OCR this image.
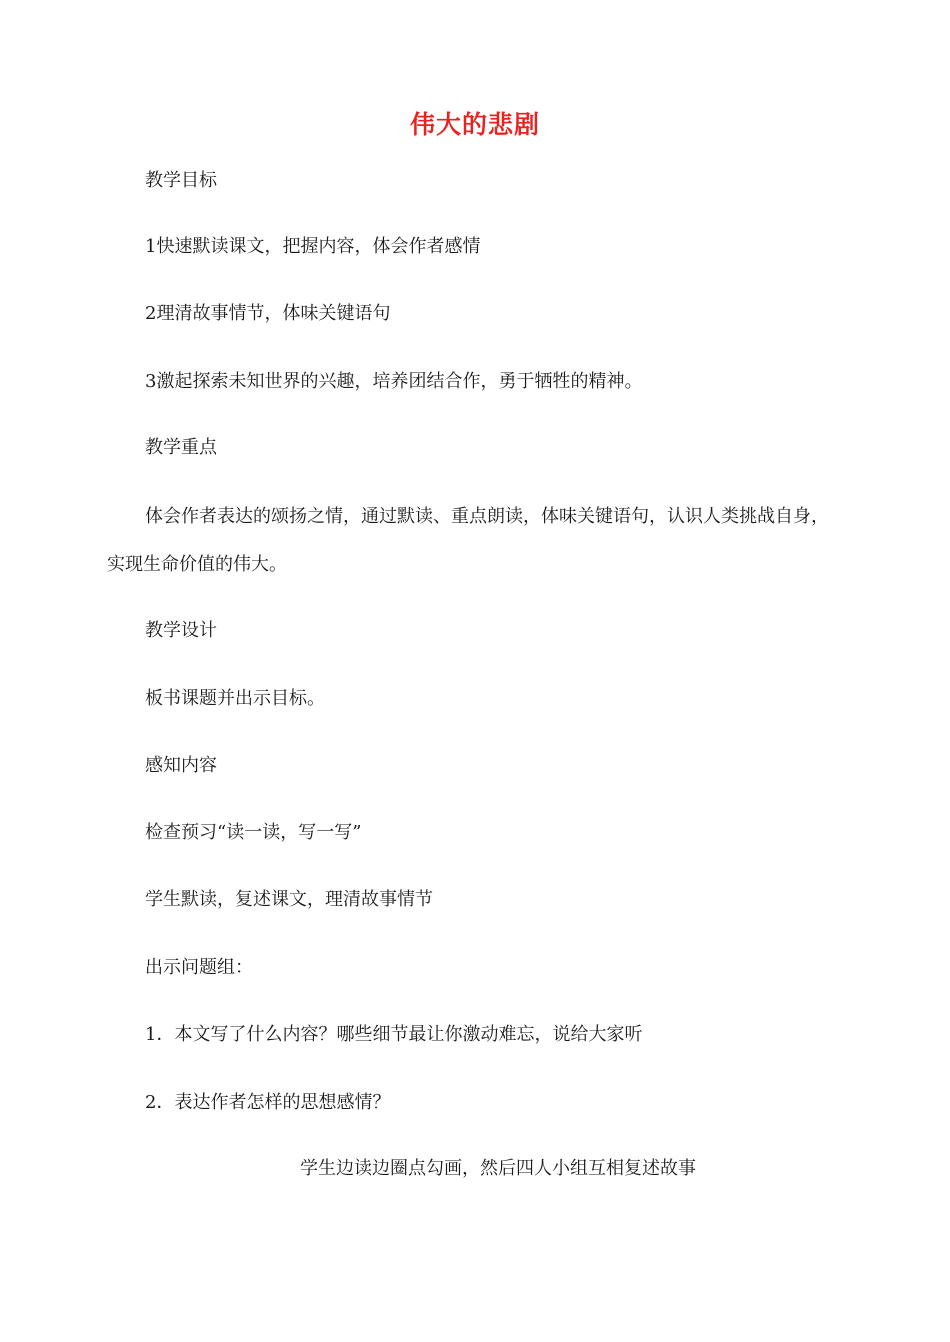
伟大的悲剧

教学目标

1快速默读课文，把握内容，体会作者感情

2理清故事情节，体味关键语句

3激起探索未知世界的兴趣，培养团结合作，勇于牺牲的精神。

教学重点

体会作者表达的颂扬之情，通过默读、重点朗读，体味关键语句，认识人类挑战自身，实现生命价值的伟大。

教学设计

板书课题并出示目标。

感知内容

检查预习“读一读，写一写”

学生默读，复述课文，理清故事情节

出示问题组：

1．本文写了什么内容？哪些细节最让你激动难忘，说给大家听

2．表达作者怎样的思想感情？

学生边读边圈点勾画，然后四人小组互相复述故事
